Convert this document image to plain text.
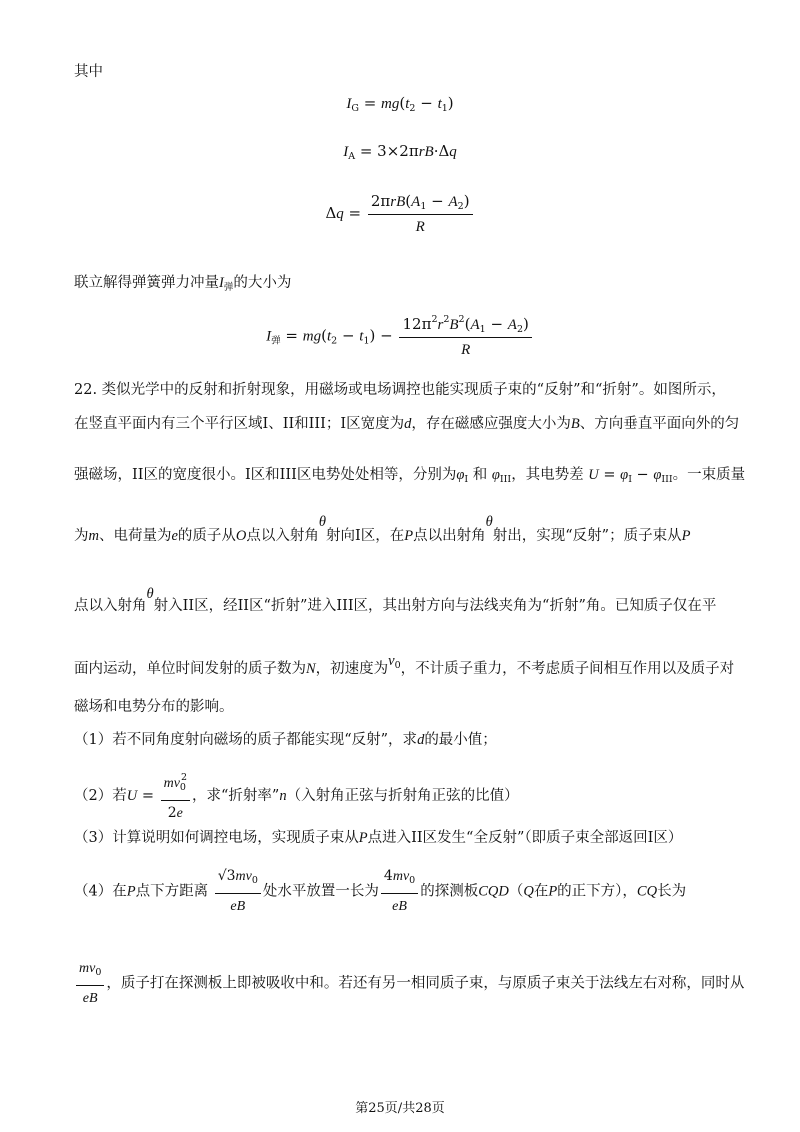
其中
$I_G = mg(t_2 - t_1)$
$I_A = 3\times 2\pi rB\cdot\Delta q$
$\Delta q = \frac{2\pi rB(A_1 - A_2)}{R}$
联立解得弹簧弹力冲量$I_弹$的大小为
$I_弹 = mg(t_2 - t_1) - \frac{12\pi^2r^2B^2(A_1 - A_2)}{R}$
22. 类似光学中的反射和折射现象，用磁场或电场调控也能实现质子束的“反射”和“折射”。如图所示，
在竖直平面内有三个平行区域I、II和III；I区宽度为d，存在磁感应强度大小为B、方向垂直平面向外的匀
强磁场，II区的宽度很小。I区和III区电势处处相等，分别为$\varphi_I$ 和 $\varphi_{III}$，其电势差 $U = \varphi_I - \varphi_{III}$。一束质量
为m、电荷量为e的质子从O点以入射角θ射向I区，在P点以出射角θ射出，实现“反射”；质子束从P
点以入射角θ射入II区，经II区“折射”进入III区，其出射方向与法线夹角为“折射”角。已知质子仅在平
面内运动，单位时间发射的质子数为N，初速度为$v^0$，不计质子重力，不考虑质子间相互作用以及质子对
磁场和电势分布的影响。
（1）若不同角度射向磁场的质子都能实现“反射”，求d的最小值；
（2）若$U = \frac{mv_0^2}{2e}$ ，求“折射率”n（入射角正弦与折射角正弦的比值）
（3）计算说明如何调控电场，实现质子束从P点进入II区发生“全反射”（即质子束全部返回I区）
（4）在P点下方距离 $\frac{√3mv_0}{eB}$ 处水平放置一长为 $\frac{4mv_0}{eB}$ 的探测板CQD（Q在P的正下方），CQ长为
$\frac{mv_0}{eB}$ ，质子打在探测板上即被吸收中和。若还有另一相同质子束，与原质子束关于法线左右对称，同时从
第25页/共28页
